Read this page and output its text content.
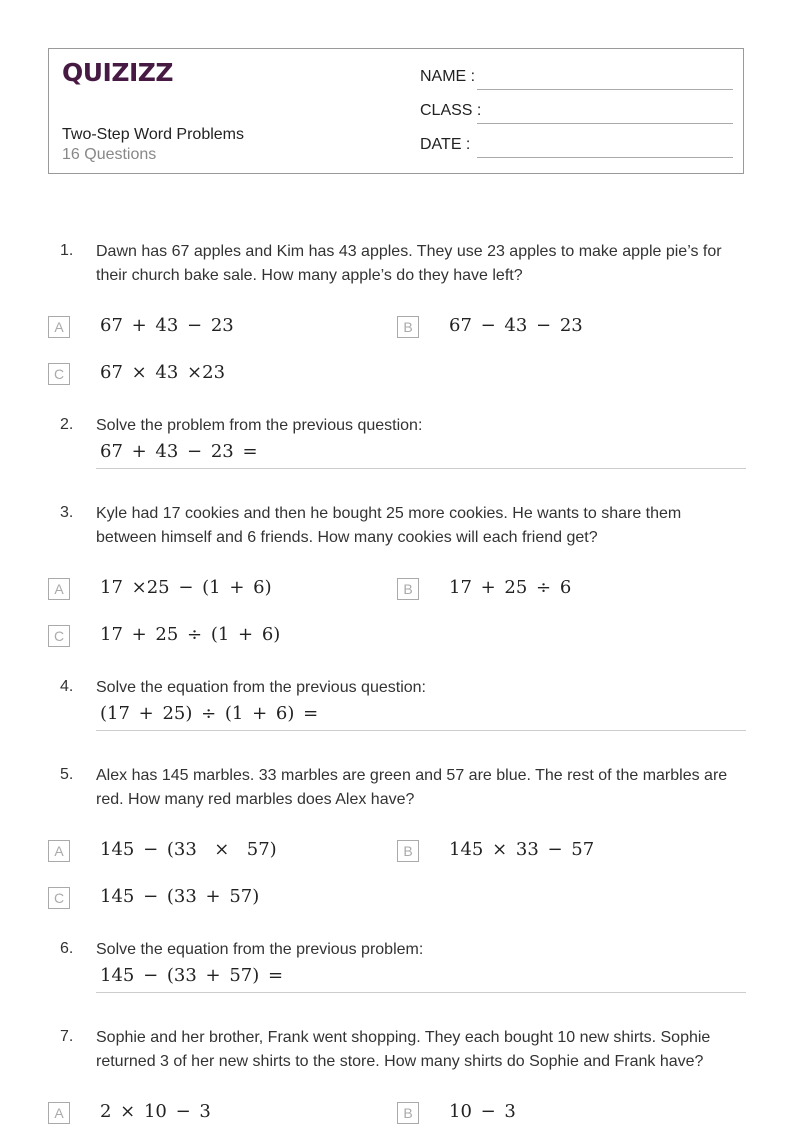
QUIZIZZ
Two-Step Word Problems
16 Questions
NAME :
CLASS :
DATE :
1. Dawn has 67 apples and Kim has 43 apples. They use 23 apples to make apple pie’s for their church bake sale. How many apple’s do they have left?
A	67 + 43 − 23	B	67 − 43 − 23
C	67 × 43 ×23
2. Solve the problem from the previous question:
67 + 43 − 23 =
3. Kyle had 17 cookies and then he bought 25 more cookies. He wants to share them between himself and 6 friends. How many cookies will each friend get?
A	17 ×25 − (1 + 6)	B	17 + 25 ÷ 6
C	17 + 25 ÷ (1 + 6)
4. Solve the equation from the previous question:
(17 + 25) ÷ (1 + 6) =
5. Alex has 145 marbles. 33 marbles are green and 57 are blue. The rest of the marbles are red. How many red marbles does Alex have?
A	145 − (33  ×  57)	B	145 × 33 − 57
C	145 − (33 + 57)
6. Solve the equation from the previous problem:
145 − (33 + 57) =
7. Sophie and her brother, Frank went shopping. They each bought 10 new shirts. Sophie returned 3 of her new shirts to the store. How many shirts do Sophie and Frank have?
A	2 × 10 − 3	B	10 − 3
